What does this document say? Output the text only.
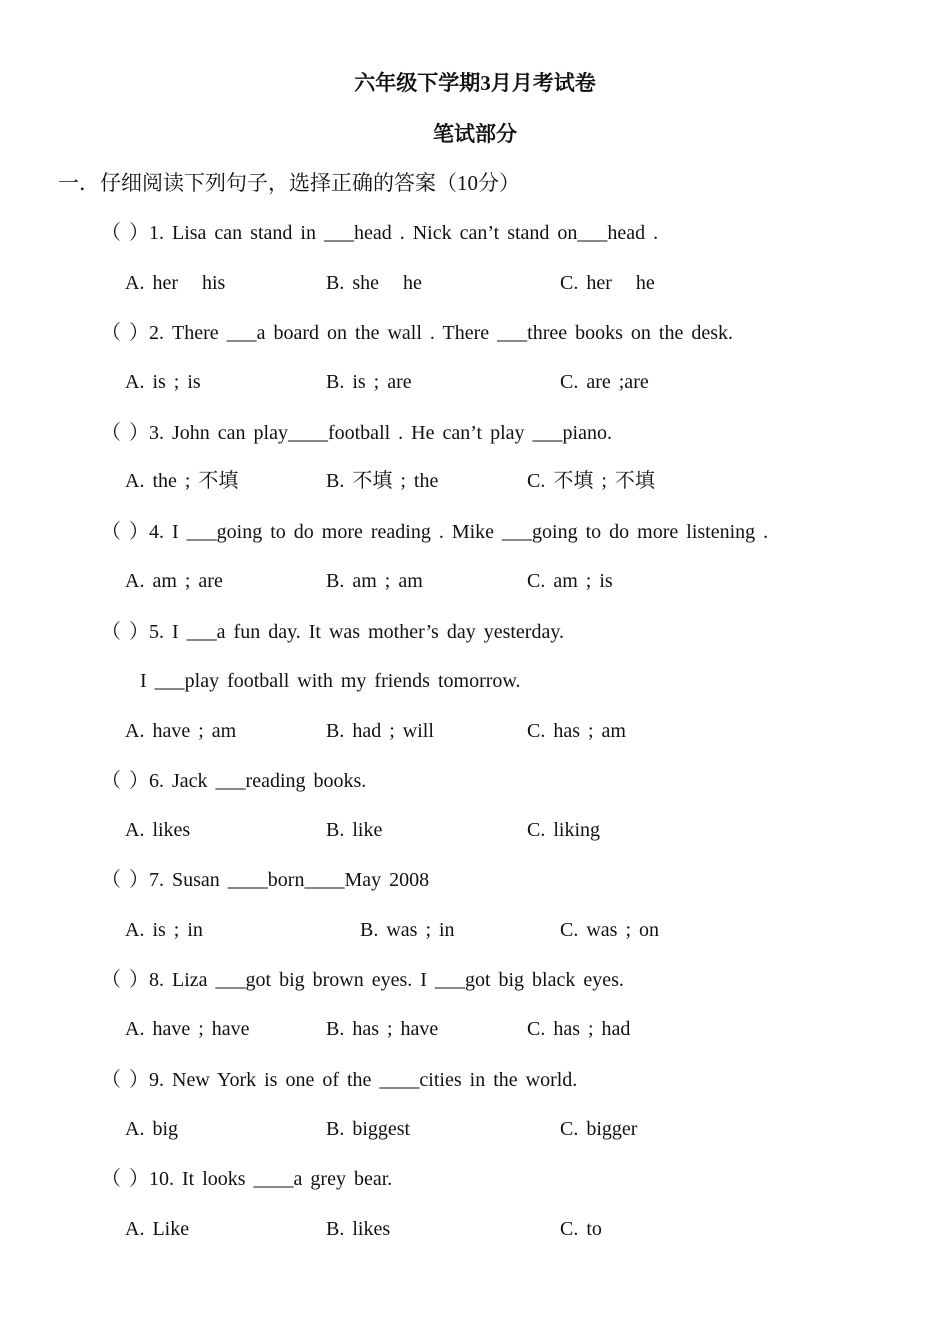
六年级下学期3月月考试卷
笔试部分

一．仔细阅读下列句子，选择正确的答案（10分）

（ ）1. Lisa can stand in ___head . Nick can’t stand on___head .
A. her   his	B. she   he	C. her   he
（ ）2. There ___a board on the wall . There ___three books on the desk.
A. is ; is	B. is ; are	C. are ;are
（ ）3. John can play____football . He can’t play ___piano.
A. the ; 不填	B. 不填 ; the	C. 不填 ; 不填
（ ）4. I ___going to do more reading . Mike ___going to do more listening .
A. am ; are	B. am ; am	C. am ; is
（ ）5. I ___a fun day. It was mother’s day yesterday.
I ___play football with my friends tomorrow.
A. have ; am	B. had ; will	C. has ; am
（ ）6. Jack ___reading books.
A. likes	B. like	C. liking
（ ）7. Susan ____born____May 2008
A. is ; in	B. was ; in	C. was ; on
（ ）8. Liza ___got big brown eyes. I ___got big black eyes.
A. have ; have	B. has ; have	C. has ; had
（ ）9. New York is one of the ____cities in the world.
A. big	B. biggest	C. bigger
（ ）10. It looks ____a grey bear.
A. Like	B. likes	C. to
